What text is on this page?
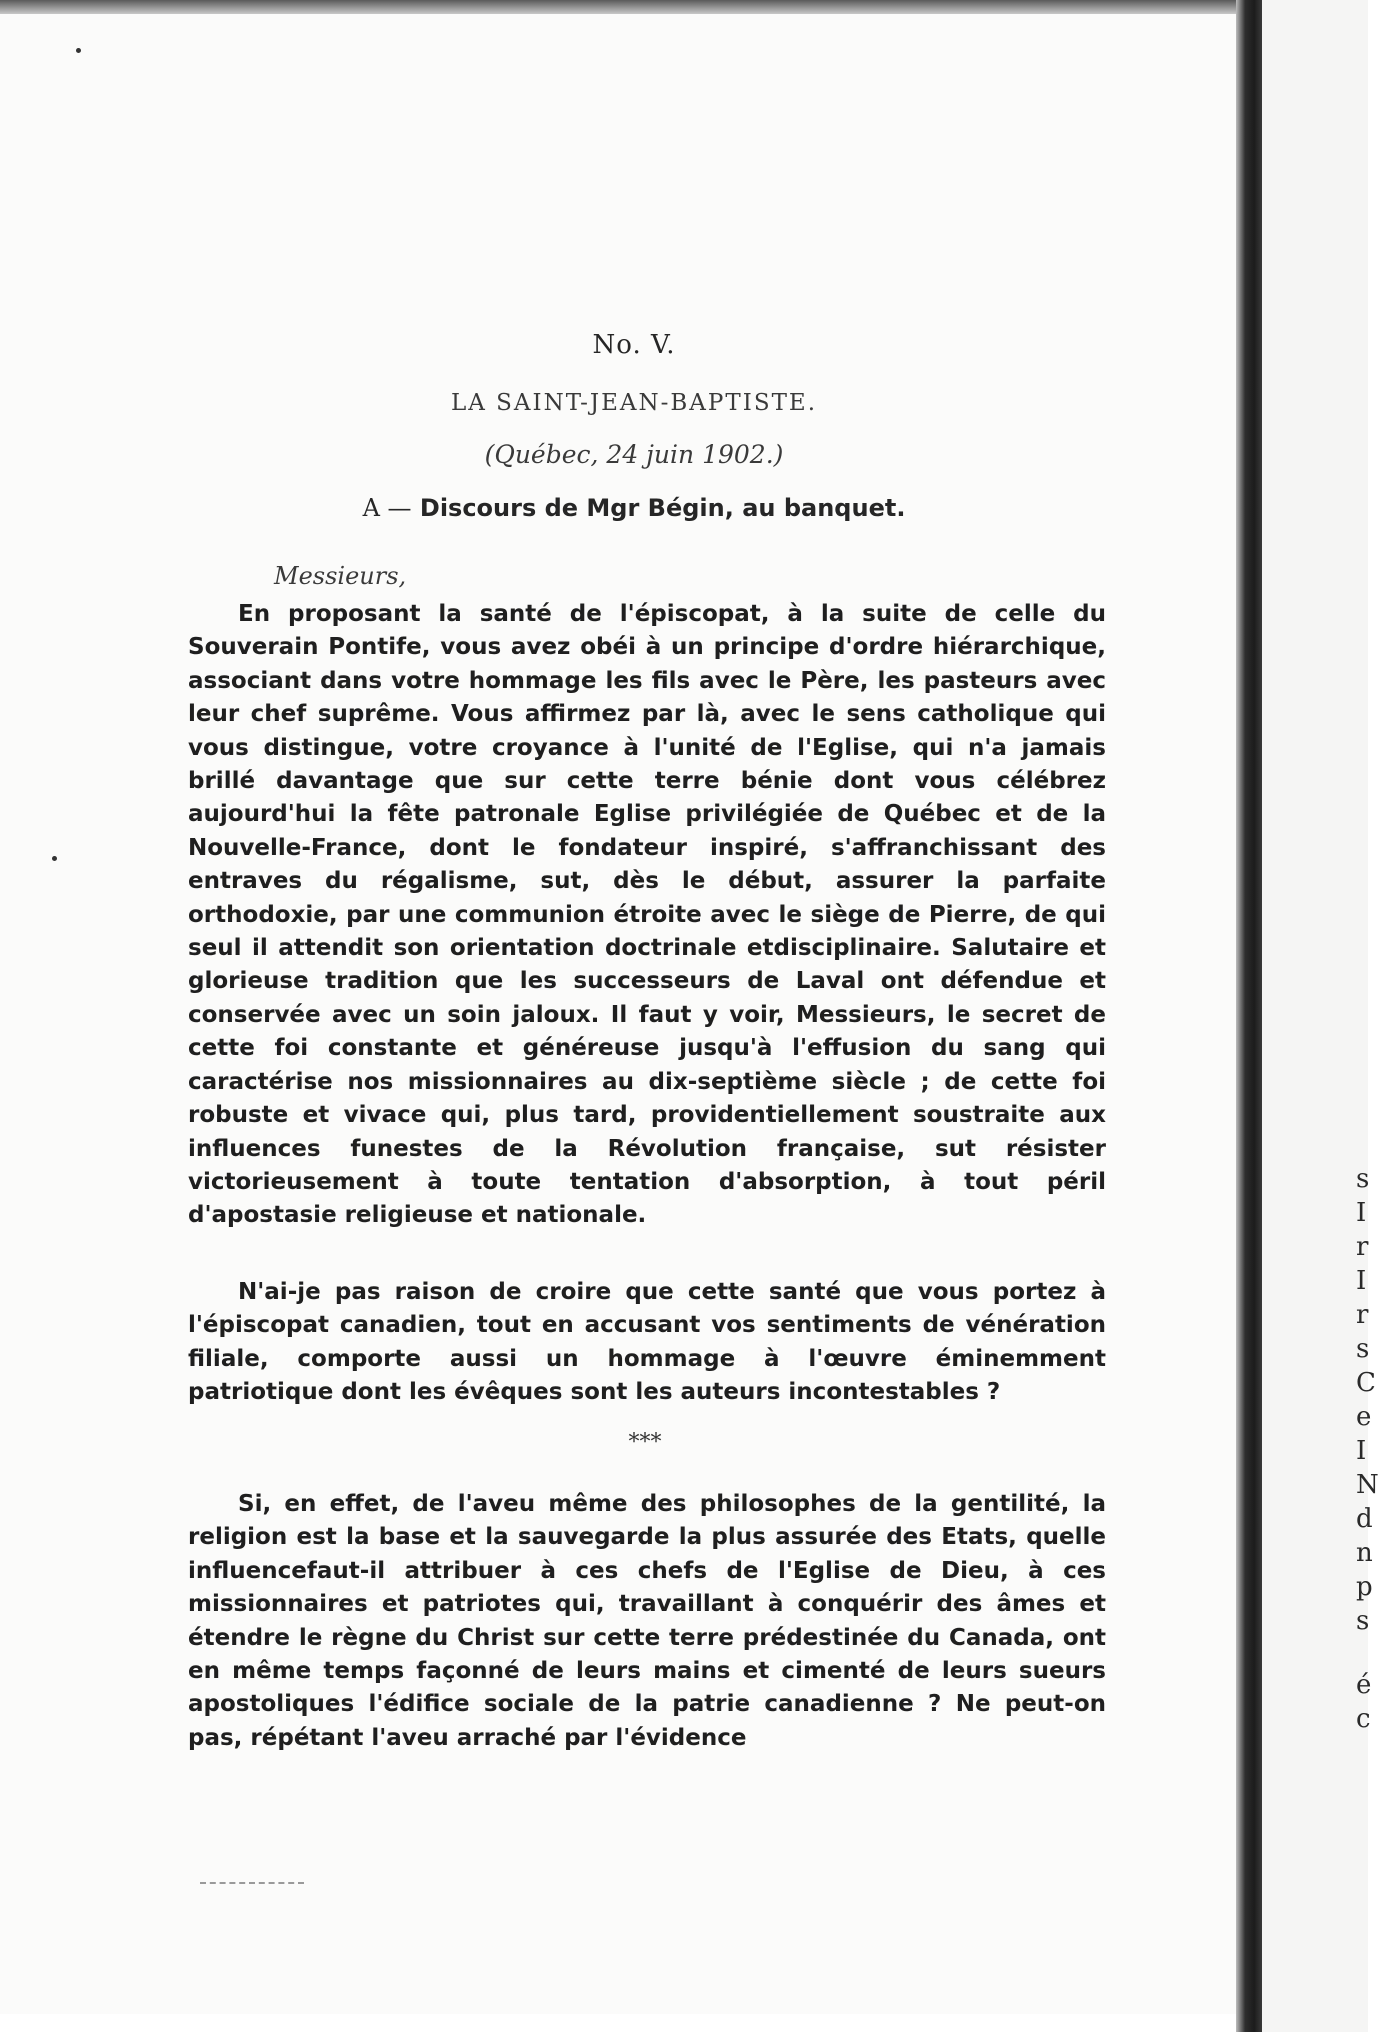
s
I
r
I
r
s
C
e
I
N
d
n
p
s
é
c
No. V.
LA SAINT-JEAN-BAPTISTE.
(Québec, 24 juin 1902.)
A — Discours de Mgr Bégin, au banquet.
Messieurs,

En proposant la santé de l'épiscopat, à la suite de celle du Souverain Pontife, vous avez obéi à un principe d'ordre hiérarchique, associant dans votre hommage les fils avec le Père, les pasteurs avec leur chef suprême. Vous affirmez par là, avec le sens catholique qui vous distingue, votre croyance à l'unité de l'Eglise, qui n'a jamais brillé davantage que sur cette terre bénie dont vous célébrez aujourd'hui la fête patronale Eglise privilégiée de Québec et de la Nouvelle-France, dont le fondateur inspiré, s'affranchissant des entraves du régalisme, sut, dès le début, assurer la parfaite orthodoxie, par une communion étroite avec le siège de Pierre, de qui seul il attendit son orientation doctrinale etdisciplinaire. Salutaire et glorieuse tradition que les successeurs de Laval ont défendue et conservée avec un soin jaloux. Il faut y voir, Messieurs, le secret de cette foi constante et généreuse jusqu'à l'effusion du sang qui caractérise nos missionnaires au dix-septième siècle ; de cette foi robuste et vivace qui, plus tard, providentiellement soustraite aux influences funestes de la Révolution française, sut résister victorieusement à toute tentation d'absorption, à tout péril d'apostasie religieuse et nationale.

N'ai-je pas raison de croire que cette santé que vous portez à l'épiscopat canadien, tout en accusant vos sentiments de vénération filiale, comporte aussi un hommage à l'œuvre éminemment patriotique dont les évêques sont les auteurs incontestables ?

***

Si, en effet, de l'aveu même des philosophes de la gentilité, la religion est la base et la sauvegarde la plus assurée des Etats, quelle influencefaut-il attribuer à ces chefs de l'Eglise de Dieu, à ces missionnaires et patriotes qui, travaillant à conquérir des âmes et étendre le règne du Christ sur cette terre prédestinée du Canada, ont en même temps façonné de leurs mains et cimenté de leurs sueurs apostoliques l'édifice sociale de la patrie canadienne ? Ne peut-on pas, répétant l'aveu arraché par l'évidence
